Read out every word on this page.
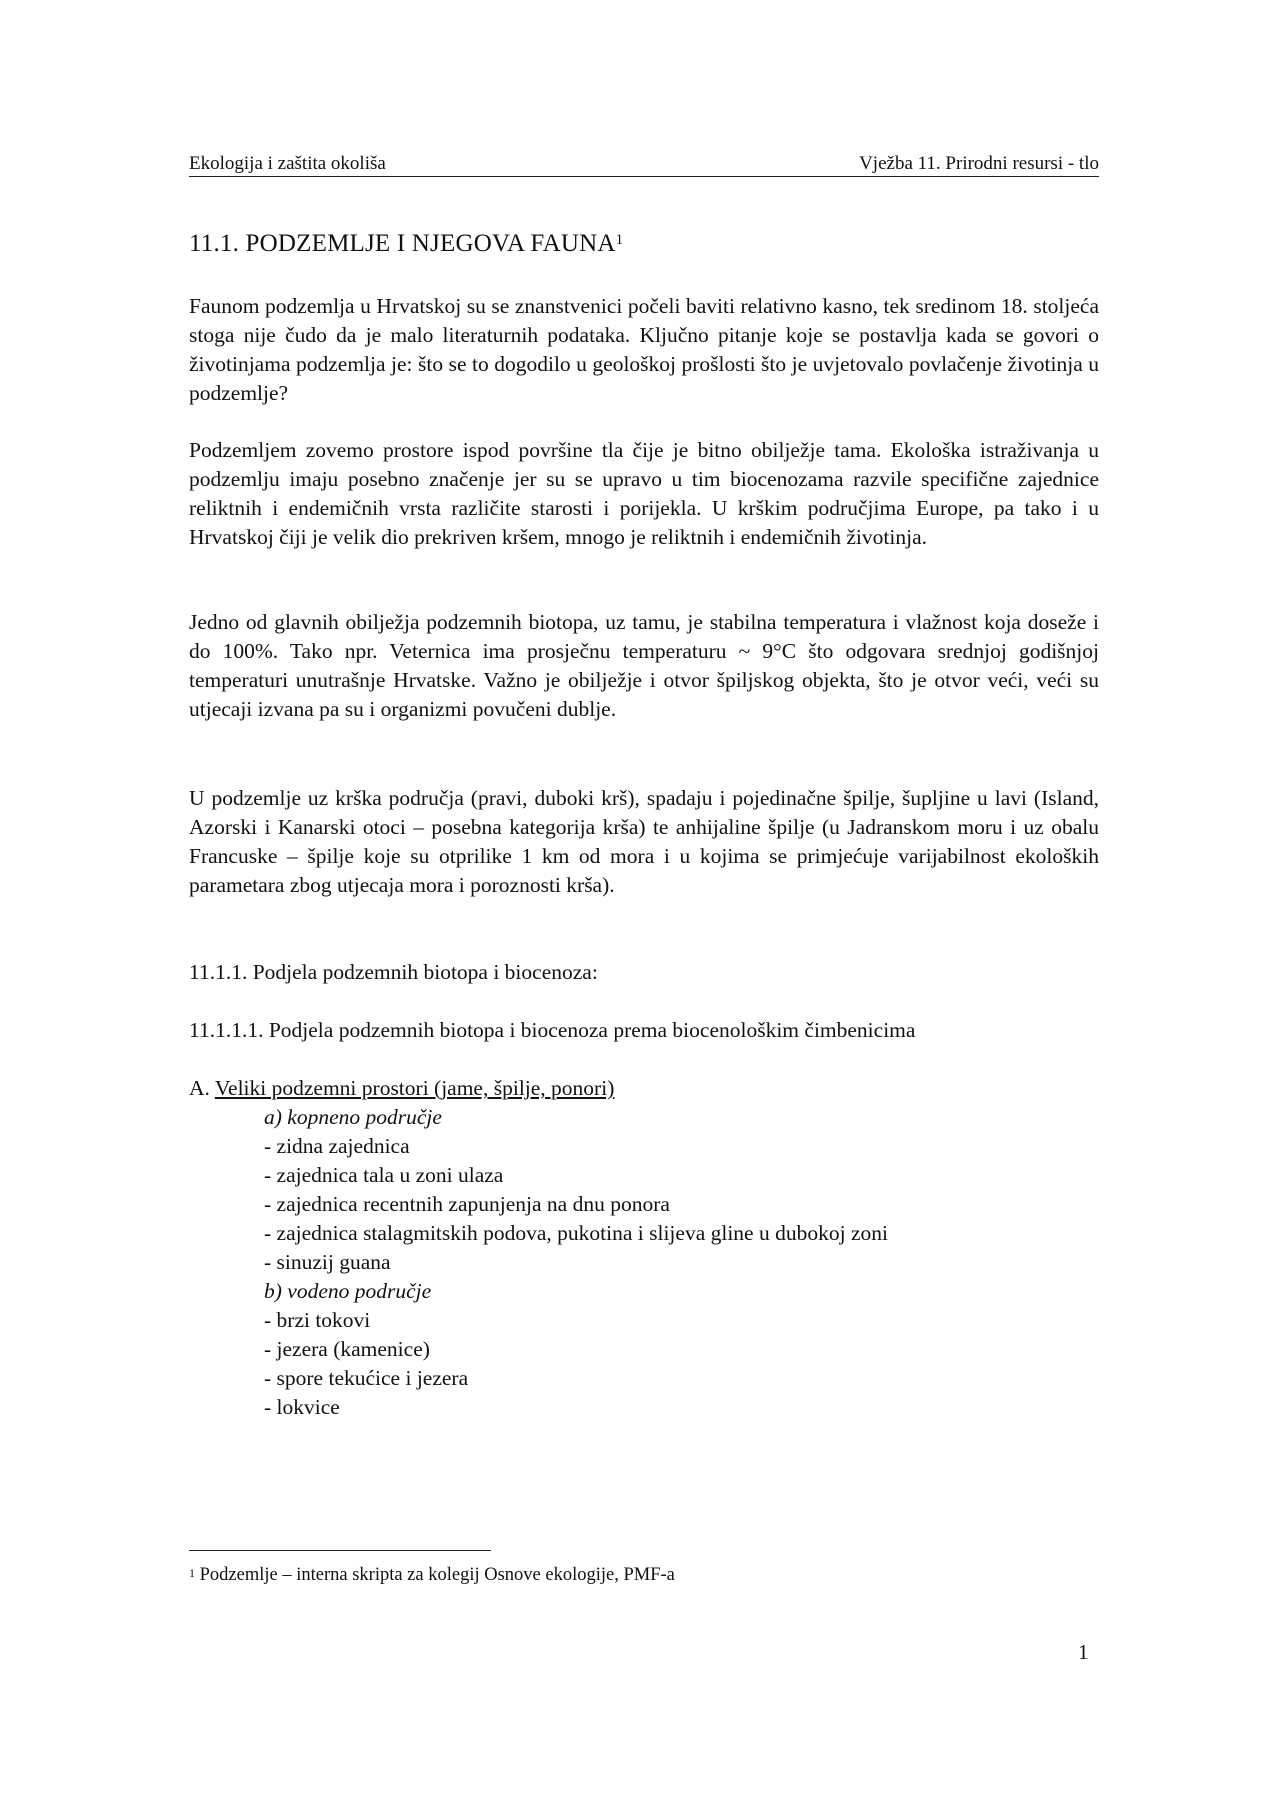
Ekologija i zaštita okoliša	Vježba 11. Prirodni resursi - tlo
11.1. PODZEMLJE I NJEGOVA FAUNA$^1$

Faunom podzemlja u Hrvatskoj su se znanstvenici počeli baviti relativno kasno, tek sredinom 18. stoljeća stoga nije čudo da je malo literaturnih podataka. Ključno pitanje koje se postavlja kada se govori o životinjama podzemlja je: što se to dogodilo u geološkoj prošlosti što je uvjetovalo povlačenje životinja u podzemlje?

Podzemljem zovemo prostore ispod površine tla čije je bitno obilježje tama. Ekološka istraživanja u podzemlju imaju posebno značenje jer su se upravo u tim biocenozama razvile specifične zajednice reliktnih i endemičnih vrsta različite starosti i porijekla. U krškim područjima Europe, pa tako i u Hrvatskoj čiji je velik dio prekriven kršem, mnogo je reliktnih i endemičnih životinja.

Jedno od glavnih obilježja podzemnih biotopa, uz tamu, je stabilna temperatura i vlažnost koja doseže i do 100%. Tako npr. Veternica ima prosječnu temperaturu ~ 9°C što odgovara srednjoj godišnjoj temperaturi unutrašnje Hrvatske. Važno je obilježje i otvor špiljskog objekta, što je otvor veći, veći su utjecaji izvana pa su i organizmi povučeni dublje.

U podzemlje uz krška područja (pravi, duboki krš), spadaju i pojedinačne špilje, šupljine u lavi (Island, Azorski i Kanarski otoci – posebna kategorija krša) te anhijaline špilje (u Jadranskom moru i uz obalu Francuske – špilje koje su otprilike 1 km od mora i u kojima se primjećuje varijabilnost ekoloških parametara zbog utjecaja mora i poroznosti krša).

11.1.1. Podjela podzemnih biotopa i biocenoza:
11.1.1.1. Podjela podzemnih biotopa i biocenoza prema biocenološkim čimbenicima
A. Veliki podzemni prostori (jame, špilje, ponori)
a) kopneno područje
- zidna zajednica
- zajednica tala u zoni ulaza
- zajednica recentnih zapunjenja na dnu ponora
- zajednica stalagmitskih podova, pukotina i slijeva gline u dubokoj zoni
- sinuzij guana
b) vodeno područje
- brzi tokovi
- jezera (kamenice)
- spore tekućice i jezera
- lokvice
$^1$ Podzemlje – interna skripta za kolegij Osnove ekologije, PMF-a
1
